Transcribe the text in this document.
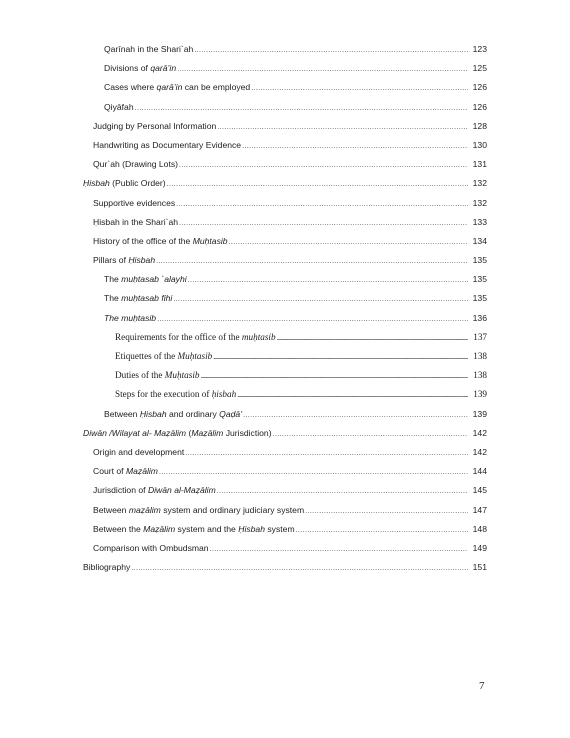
Qarīnah in the Shari`ah .....	123
Divisions of qarā’in .....	125
Cases where qarā’in can be employed .....	126
Qiyāfah .....	126
Judging by Personal Information .....	128
Handwriting as Documentary Evidence .....	130
Qur`ah (Drawing Lots) .....	131
Ḥisbah (Public Order) .....	132
Supportive evidences .....	132
Ḥisbah in the Shari`ah .....	133
History of the office of the Muḥtasib .....	134
Pillars of Ḥisbah .....	135
The muḥtasab `alayhi .....	135
The muḥtasab fihi .....	135
The muḥtasib .....	136
Requirements for the office of the muḥtasib .....	137
Etiquettes of the Muḥtasib .....	138
Duties of the Muḥtasib .....	138
Steps for the execution of ḥisbah .....	139
Between Ḥisbah and ordinary Qaḍā’ .....	139
Diwān /Wilayat al- Maẓālim (Maẓālim Jurisdiction) .....	142
Origin and development .....	142
Court of Maẓālim .....	144
Jurisdiction of Diwān al-Maẓālim .....	145
Between maẓālim system and ordinary judiciary system .....	147
Between the Maẓālim system and the Ḥisbah system .....	148
Comparison with Ombudsman .....	149
Bibliography .....	151
7
